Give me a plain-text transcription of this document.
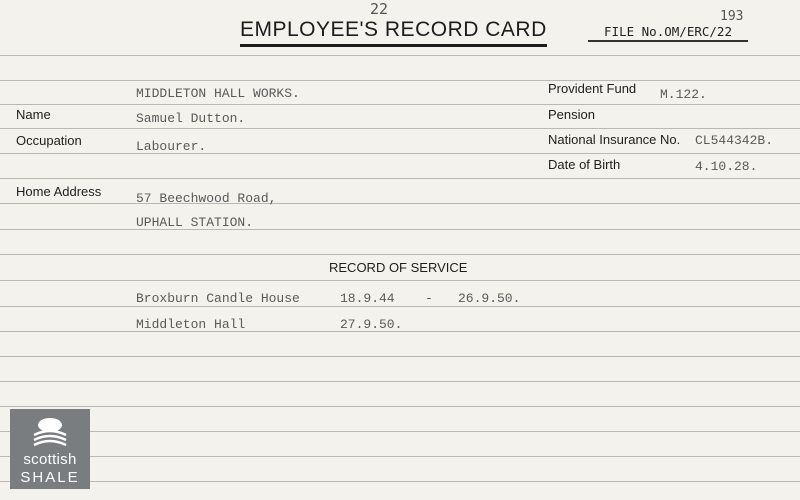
22
EMPLOYEE'S RECORD CARD
193
FILE No.OM/ERC/22
MIDDLETON HALL WORKS.
Name	Samuel Dutton.
Occupation	Labourer.
Home Address	57 Beechwood Road,
UPHALL STATION.
Provident Fund M.122.
Pension
National Insurance No. CL544342B.
Date of Birth	4.10.28.
RECORD OF SERVICE
Broxburn Candle House	18.9.44 - 26.9.50.
Middleton Hall	27.9.50.
scottish
SHALE
